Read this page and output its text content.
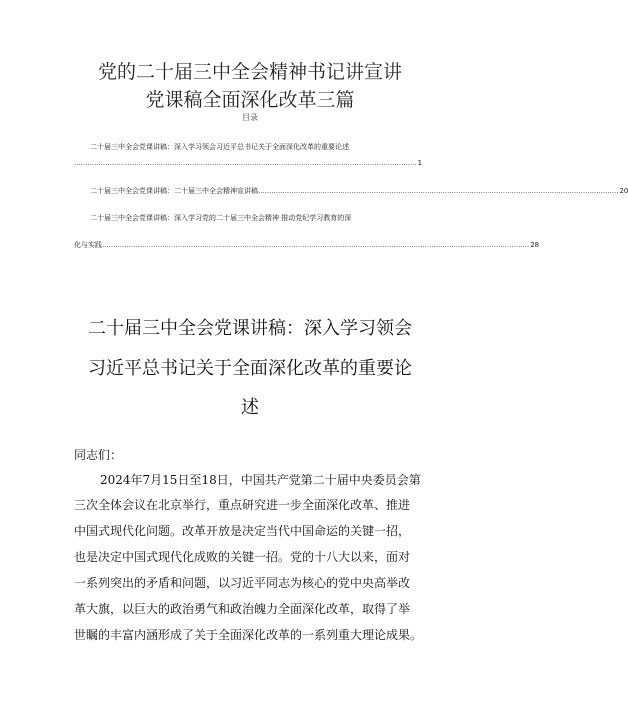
党的二十届三中全会精神书记讲宣讲
党课稿全面深化改革三篇
目录
二十届三中全会党课讲稿：深入学习领会习近平总书记关于全面深化改革的重要论述
.......................................................................................................................................................... 1
二十届三中全会党课讲稿：二十届三中全会精神宣讲稿 .................................................................................................................................................................. 20
二十届三中全会党课讲稿：深入学习党的二十届三中全会精神 推动党纪学习教育的深
化与实践 ................................................................................................................................................................................................ 28
二十届三中全会党课讲稿：深入学习领会
习近平总书记关于全面深化改革的重要论
述
同志们：
2024年7月15日至18日，中国共产党第二十届中央委员会第
三次全体会议在北京举行，重点研究进一步全面深化改革、推进
中国式现代化问题。改革开放是决定当代中国命运的关键一招，
也是决定中国式现代化成败的关键一招。党的十八大以来，面对
一系列突出的矛盾和问题，以习近平同志为核心的党中央高举改
革大旗，以巨大的政治勇气和政治魄力全面深化改革，取得了举
世瞩的丰富内涵形成了关于全面深化改革的一系列重大理论成果。
